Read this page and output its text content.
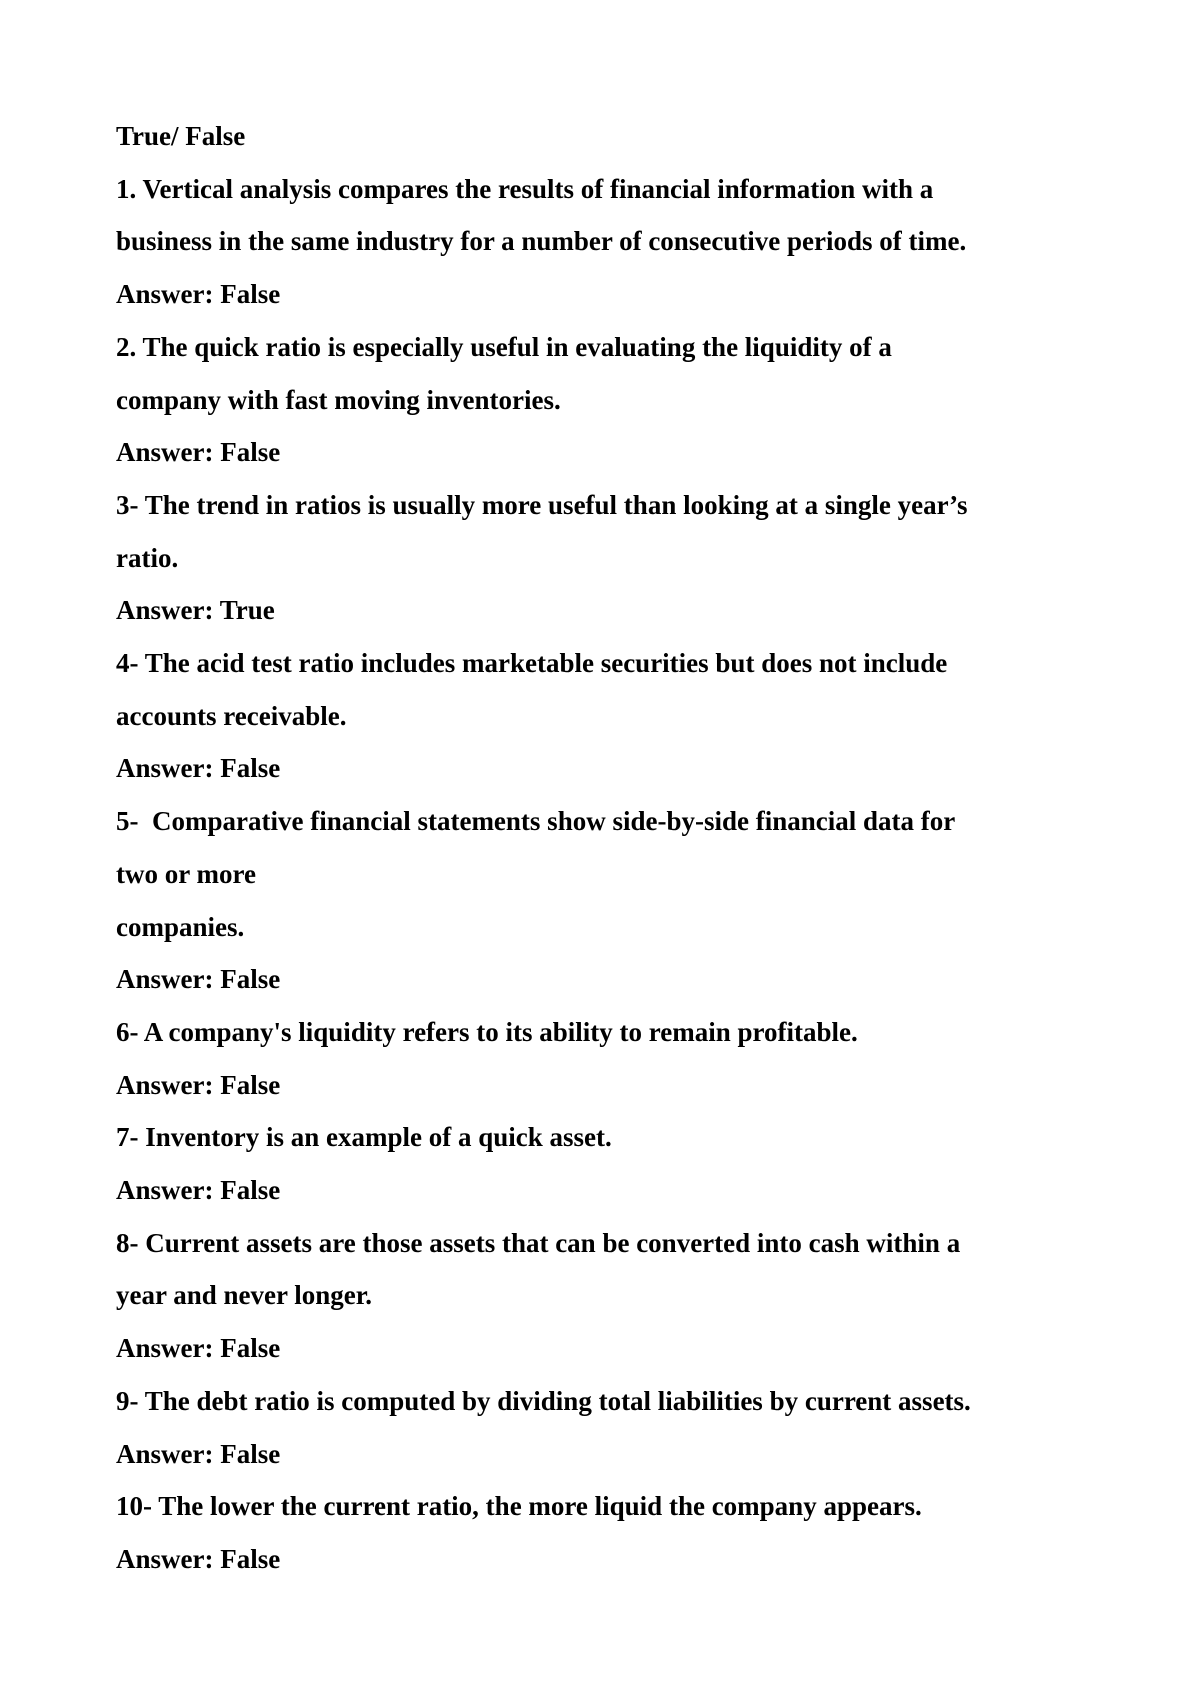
True/ False
1. Vertical analysis compares the results of financial information with a
business in the same industry for a number of consecutive periods of time.
Answer: False
2. The quick ratio is especially useful in evaluating the liquidity of a
company with fast moving inventories.
Answer: False
3- The trend in ratios is usually more useful than looking at a single year’s
ratio.
Answer: True
4- The acid test ratio includes marketable securities but does not include
accounts receivable.
Answer: False
5-  Comparative financial statements show side-by-side financial data for
two or more
companies.
Answer: False
6- A company's liquidity refers to its ability to remain profitable.
Answer: False
7- Inventory is an example of a quick asset.
Answer: False
8- Current assets are those assets that can be converted into cash within a
year and never longer.
Answer: False
9- The debt ratio is computed by dividing total liabilities by current assets.
Answer: False
10- The lower the current ratio, the more liquid the company appears.
Answer: False
